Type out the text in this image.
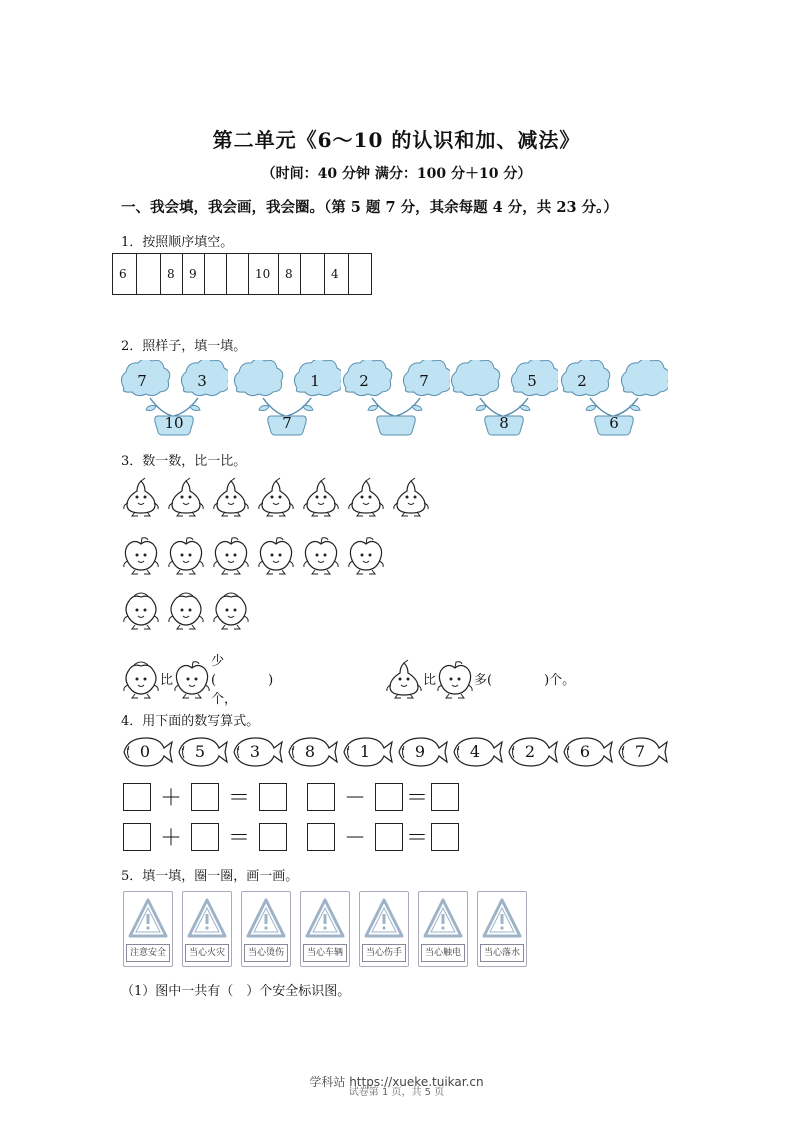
第二单元《6～10 的认识和加、减法》
（时间：40 分钟 满分：100 分＋10 分）
一、我会填，我会画，我会圈。（第 5 题 7 分，其余每题 4 分，共 23 分。）
1．按照顺序填空。
6	8	9	10	8	4
2．照样子，填一填。
7	3
10
1
7
2	7	5
8
2
6
3．数一数，比一比。
比
少(　　　　)个，
比	多(　　　　)个。
4．用下面的数写算式。
0	5	3	8	1	9	4	2	6	7
＋	＝	－	＝
＋	＝	－	＝
5．填一填，圈一圈，画一画。
注意安全	当心火灾	当心烫伤	当心车辆	当心伤手	当心触电	当心落水
（1）图中一共有（　）个安全标识图。
学科站 https://xueke.tuikar.cn
试卷第 1 页，共 5 页
